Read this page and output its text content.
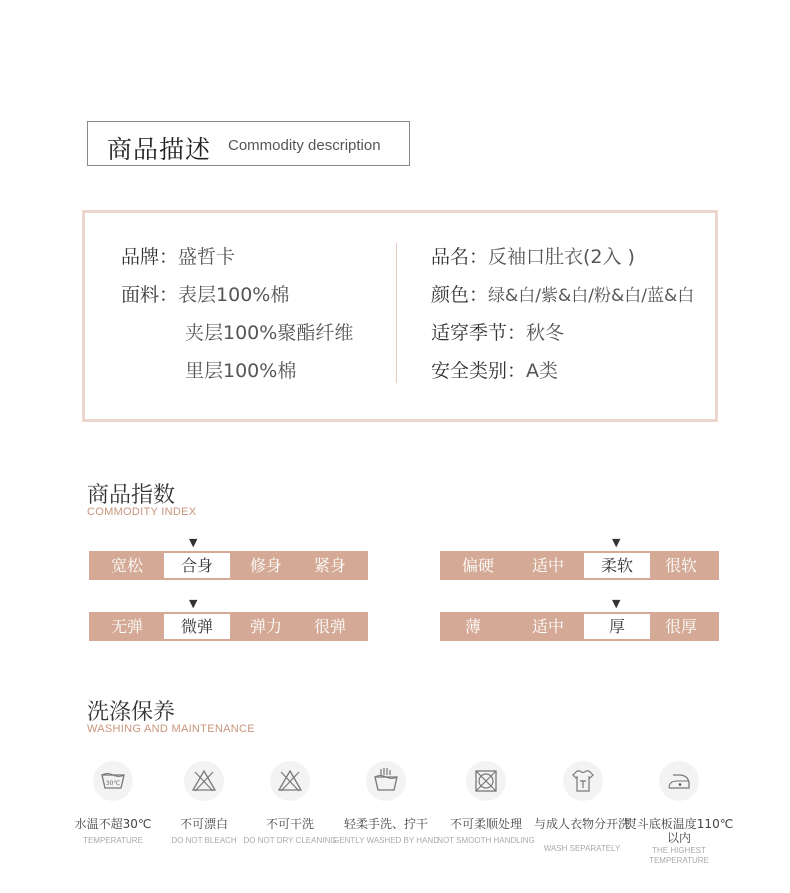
商品描述 Commodity description
品牌：盛哲卡
面料：表层100%棉
夹层100%聚酯纤维
里层100%棉
品名：反袖口肚衣(2入 )
颜色：绿&白/紫&白/粉&白/蓝&白
适穿季节：秋冬
安全类别：A类
商品指数
COMMODITY INDEX
▼
宽松	合身	修身	紧身
▼
偏硬	适中	柔软	很软
▼
无弹	微弹	弹力	很弹
▼
薄	适中	厚	很厚
洗涤保养
WASHING AND MAINTENANCE
30℃
水温不超30℃
TEMPERATURE
不可漂白
DO NOT BLEACH
不可干洗
DO NOT DRY CLEANING
轻柔手洗、拧干
GENTLY WASHED BY HAND
不可柔顺处理
NOT SMOOTH HANDLING
与成人衣物分开洗
WASH SEPARATELY
熨斗底板温度110℃以内
THE HIGHEST TEMPERATURE
